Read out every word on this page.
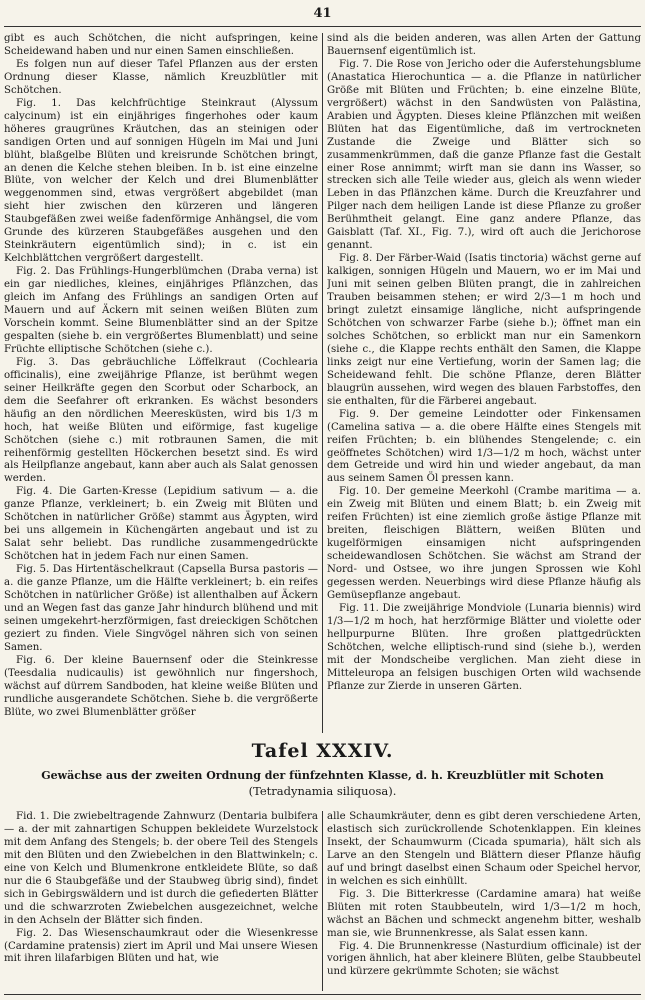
41

gibt es auch Schötchen, die nicht aufspringen, keine Scheidewand haben und nur einen Samen einschließen.

Es folgen nun auf dieser Tafel Pflanzen aus der ersten Ordnung dieser Klasse, nämlich Kreuzblütler mit Schötchen.

Fig. 1. Das kelchfrüchtige Steinkraut (Alyssum calycinum) ist ein einjähriges fingerhohes oder kaum höheres graugrünes Kräutchen, das an steinigen oder sandigen Orten und auf sonnigen Hügeln im Mai und Juni blüht, blaßgelbe Blüten und kreisrunde Schötchen bringt, an denen die Kelche stehen bleiben. In b. ist eine einzelne Blüte, von welcher der Kelch und drei Blumenblätter weggenommen sind, etwas vergrößert abgebildet (man sieht hier zwischen den kürzeren und längeren Staubgefäßen zwei weiße fadenförmige Anhängsel, die vom Grunde des kürzeren Staubgefäßes ausgehen und den Steinkräutern eigentümlich sind); in c. ist ein Kelchblättchen vergrößert dargestellt.

Fig. 2. Das Frühlings-Hungerblümchen (Draba verna) ist ein gar niedliches, kleines, einjähriges Pflänzchen, das gleich im Anfang des Frühlings an sandigen Orten auf Mauern und auf Äckern mit seinen weißen Blüten zum Vorschein kommt. Seine Blumenblätter sind an der Spitze gespalten (siehe b. ein vergrößertes Blumenblatt) und seine Früchte elliptische Schötchen (siehe c.).

Fig. 3. Das gebräuchliche Löffelkraut (Cochlearia officinalis), eine zweijährige Pflanze, ist berühmt wegen seiner Heilkräfte gegen den Scorbut oder Scharbock, an dem die Seefahrer oft erkranken. Es wächst besonders häufig an den nördlichen Meeresküsten, wird bis 1/3 m hoch, hat weiße Blüten und eiförmige, fast kugelige Schötchen (siehe c.) mit rotbraunen Samen, die mit reihenförmig gestellten Höckerchen besetzt sind. Es wird als Heilpflanze angebaut, kann aber auch als Salat genossen werden.

Fig. 4. Die Garten-Kresse (Lepidium sativum — a. die ganze Pflanze, verkleinert; b. ein Zweig mit Blüten und Schötchen in natürlicher Größe) stammt aus Ägypten, wird bei uns allgemein in Küchengärten angebaut und ist zu Salat sehr beliebt. Das rundliche zusammengedrückte Schötchen hat in jedem Fach nur einen Samen.

Fig. 5. Das Hirtentäschelkraut (Capsella Bursa pastoris — a. die ganze Pflanze, um die Hälfte verkleinert; b. ein reifes Schötchen in natürlicher Größe) ist allenthalben auf Äckern und an Wegen fast das ganze Jahr hindurch blühend und mit seinen umgekehrt-herzförmigen, fast dreieckigen Schötchen geziert zu finden. Viele Singvögel nähren sich von seinen Samen.

Fig. 6. Der kleine Bauernsenf oder die Steinkresse (Teesdalia nudicaulis) ist gewöhnlich nur fingershoch, wächst auf dürrem Sandboden, hat kleine weiße Blüten und rundliche ausgerandete Schötchen. Siehe b. die vergrößerte Blüte, wo zwei Blumenblätter größer

sind als die beiden anderen, was allen Arten der Gattung Bauernsenf eigentümlich ist.

Fig. 7. Die Rose von Jericho oder die Auferstehungsblume (Anastatica Hierochuntica — a. die Pflanze in natürlicher Größe mit Blüten und Früchten; b. eine einzelne Blüte, vergrößert) wächst in den Sandwüsten von Palästina, Arabien und Ägypten. Dieses kleine Pflänzchen mit weißen Blüten hat das Eigentümliche, daß im vertrockneten Zustande die Zweige und Blätter sich so zusammenkrümmen, daß die ganze Pflanze fast die Gestalt einer Rose annimmt; wirft man sie dann ins Wasser, so strecken sich alle Teile wieder aus, gleich als wenn wieder Leben in das Pflänzchen käme. Durch die Kreuzfahrer und Pilger nach dem heiligen Lande ist diese Pflanze zu großer Berühmtheit gelangt. Eine ganz andere Pflanze, das Gaisblatt (Taf. XI., Fig. 7.), wird oft auch die Jerichorose genannt.

Fig. 8. Der Färber-Waid (Isatis tinctoria) wächst gerne auf kalkigen, sonnigen Hügeln und Mauern, wo er im Mai und Juni mit seinen gelben Blüten prangt, die in zahlreichen Trauben beisammen stehen; er wird 2/3—1 m hoch und bringt zuletzt einsamige längliche, nicht aufspringende Schötchen von schwarzer Farbe (siehe b.); öffnet man ein solches Schötchen, so erblickt man nur ein Samenkorn (siehe c., die Klappe rechts enthält den Samen, die Klappe links zeigt nur eine Vertiefung, worin der Samen lag; die Scheidewand fehlt. Die schöne Pflanze, deren Blätter blaugrün aussehen, wird wegen des blauen Farbstoffes, den sie enthalten, für die Färberei angebaut.

Fig. 9. Der gemeine Leindotter oder Finkensamen (Camelina sativa — a. die obere Hälfte eines Stengels mit reifen Früchten; b. ein blühendes Stengelende; c. ein geöffnetes Schötchen) wird 1/3—1/2 m hoch, wächst unter dem Getreide und wird hin und wieder angebaut, da man aus seinem Samen Öl pressen kann.

Fig. 10. Der gemeine Meerkohl (Crambe maritima — a. ein Zweig mit Blüten und einem Blatt; b. ein Zweig mit reifen Früchten) ist eine ziemlich große ästige Pflanze mit breiten, fleischigen Blättern, weißen Blüten und kugelförmigen einsamigen nicht aufspringenden scheidewandlosen Schötchen. Sie wächst am Strand der Nord- und Ostsee, wo ihre jungen Sprossen wie Kohl gegessen werden. Neuerbings wird diese Pflanze häufig als Gemüsepflanze angebaut.

Fig. 11. Die zweijährige Mondviole (Lunaria biennis) wird 1/3—1/2 m hoch, hat herzförmige Blätter und violette oder hellpurpurne Blüten. Ihre großen plattgedrückten Schötchen, welche elliptisch-rund sind (siehe b.), werden mit der Mondscheibe verglichen. Man zieht diese in Mitteleuropa an felsigen buschigen Orten wild wachsende Pflanze zur Zierde in unseren Gärten.

Tafel XXXIV.
Gewächse aus der zweiten Ordnung der fünfzehnten Klasse, d. h. Kreuzblütler mit Schoten
(Tetradynamia siliquosa).

Fid. 1. Die zwiebeltragende Zahnwurz (Dentaria bulbifera — a. der mit zahnartigen Schuppen bekleidete Wurzelstock mit dem Anfang des Stengels; b. der obere Teil des Stengels mit den Blüten und den Zwiebelchen in den Blattwinkeln; c. eine von Kelch und Blumenkrone entkleidete Blüte, so daß nur die 6 Staubgefäße und der Staubweg übrig sind), findet sich in Gebirgswäldern und ist durch die gefiederten Blätter und die schwarzroten Zwiebelchen ausgezeichnet, welche in den Achseln der Blätter sich finden.

Fig. 2. Das Wiesenschaumkraut oder die Wiesenkresse (Cardamine pratensis) ziert im April und Mai unsere Wiesen mit ihren lilafarbigen Blüten und hat, wie

alle Schaumkräuter, denn es gibt deren verschiedene Arten, elastisch sich zurückrollende Schotenklappen. Ein kleines Insekt, der Schaumwurm (Cicada spumaria), hält sich als Larve an den Stengeln und Blättern dieser Pflanze häufig auf und bringt daselbst einen Schaum oder Speichel hervor, in welchen es sich einhüllt.

Fig. 3. Die Bitterkresse (Cardamine amara) hat weiße Blüten mit roten Staubbeuteln, wird 1/3—1/2 m hoch, wächst an Bächen und schmeckt angenehm bitter, weshalb man sie, wie Brunnenkresse, als Salat essen kann.

Fig. 4. Die Brunnenkresse (Nasturdium officinale) ist der vorigen ähnlich, hat aber kleinere Blüten, gelbe Staubbeutel und kürzere gekrümmte Schoten; sie wächst
